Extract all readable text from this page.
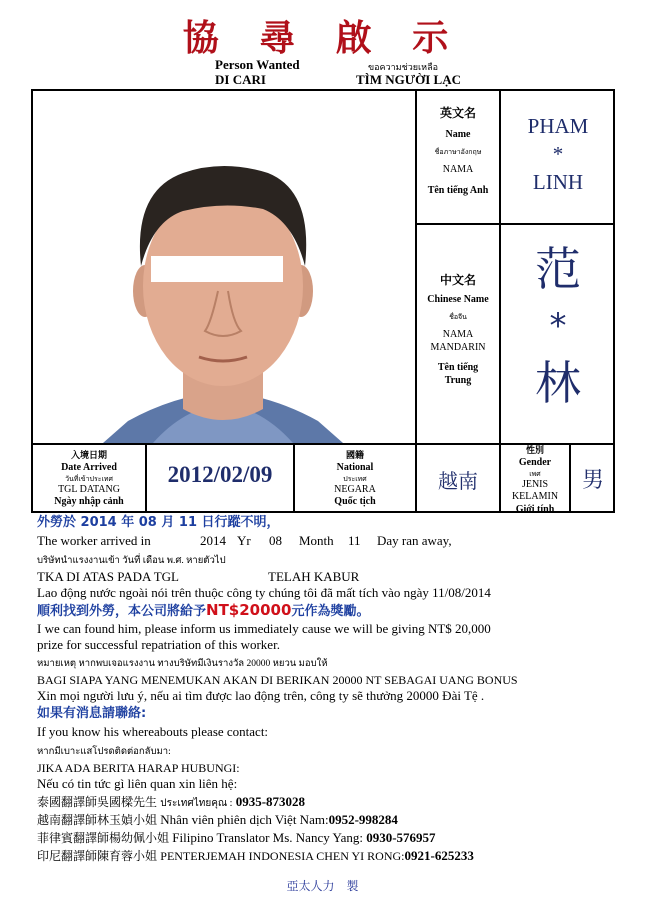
協 尋 啟 示
Person Wanted
DI CARI
ขอความช่วยเหลือ
TÌM NGƯỜI LẠC
英文名
Name
ชื่อภาษาอังกฤษ
NAMA
Tên tiếng Anh
PHAM
*
LINH
中文名
Chinese Name
ชื่อจีน
NAMA
MANDARIN
Tên tiếng
Trung
范
*
林
入境日期
Date Arrived
วันที่เข้าประเทศ
TGL DATANG
Ngày nhập cảnh
2012/02/09
國籍
National
ประเทศ
NEGARA
Quốc tịch
越南
性別
Gender
เพศ
JENIS
KELAMIN
Giới tính
男
外勞於 2014 年 08 月 11 日行蹤不明，
The worker arrived in	2014 Yr 08 Month 11 Day ran away,
บริษัทนำแรงงานเข้า วันที่ เดือน พ.ศ. หายตัวไป
TKA DI ATAS PADA TGL	TELAH KABUR
Lao động nước ngoài nói trên thuộc công ty chúng tôi đã mất tích vào ngày 11/08/2014
順利找到外勞，本公司將給予NT$20000元作為獎勵。
I we can found him, please inform us immediately cause we will be giving NT$ 20,000
prize for successful repatriation of this worker.
หมายเหตุ หากพบเจอแรงงาน ทางบริษัทมีเงินรางวัล 20000 หยวน มอบให้
BAGI SIAPA YANG MENEMUKAN AKAN DI BERIKAN 20000 NT SEBAGAI UANG BONUS
Xin mọi người lưu ý, nếu ai tìm được lao động trên, công ty sẽ thưởng 20000 Đài Tệ .
如果有消息請聯絡:
If you know his whereabouts please contact:
หากมีเบาะแสโปรดติดต่อกลับมา:
JIKA ADA BERITA HARAP HUBUNGI:
Nếu có tin tức gì liên quan xin liên hệ:
泰國翻譯師吳國樑先生 ประเทศไทยคุณ : 0935-873028
越南翻譯師林玉媜小姐 Nhân viên phiên dịch Việt Nam:0952-998284
菲律賓翻譯師楊幼佩小姐 Filipino Translator Ms. Nancy Yang: 0930-576957
印尼翻譯師陳育蓉小姐 PENTERJEMAH INDONESIA CHEN YI RONG:0921-625233
亞太人力　製
